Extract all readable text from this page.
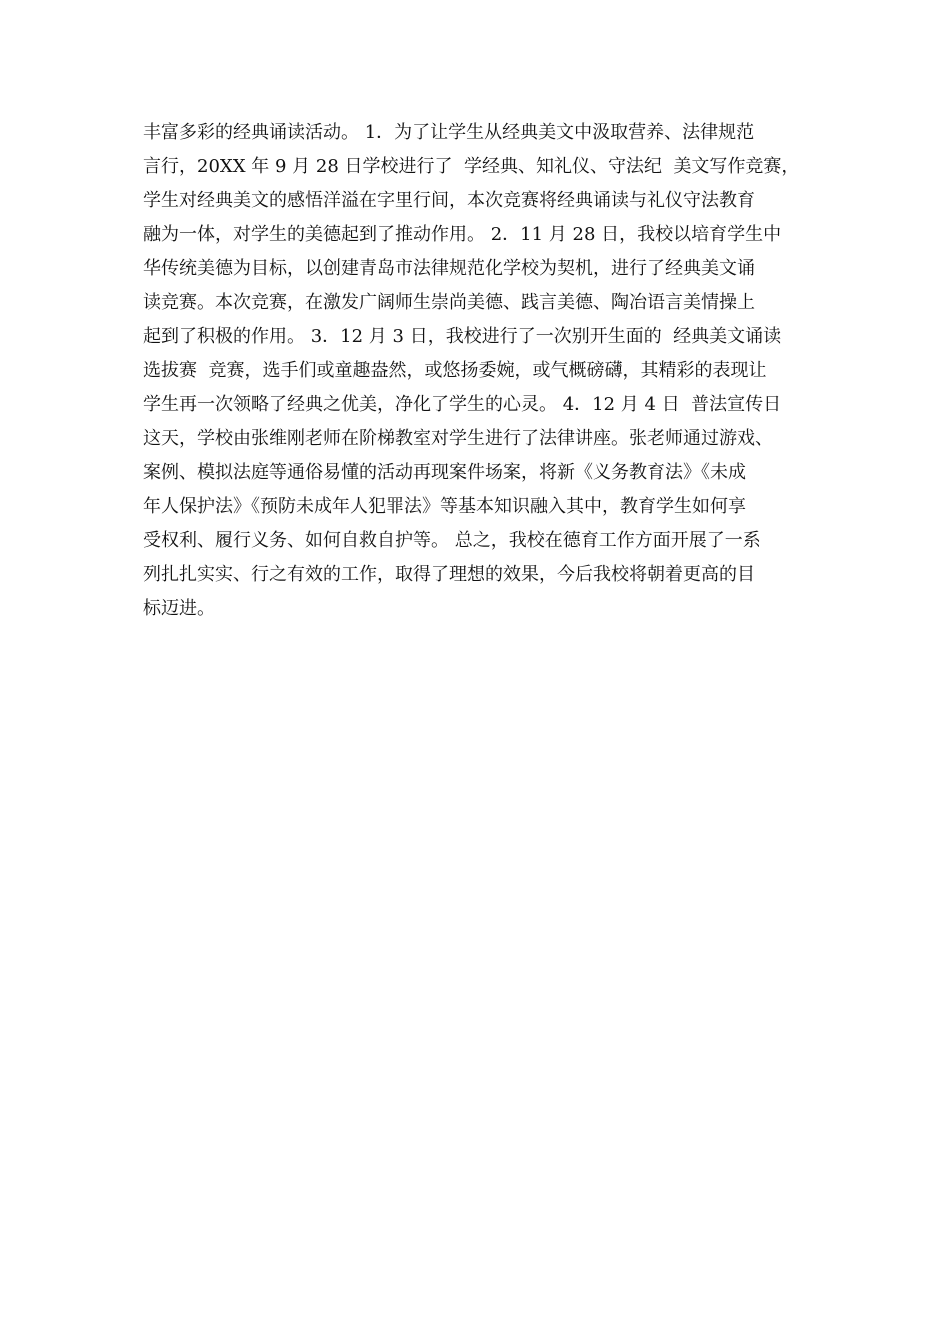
丰富多彩的经典诵读活动。 1．为了让学生从经典美文中汲取营养、法律规范
言行，20XX 年 9 月 28 日学校进行了  学经典、知礼仪、守法纪  美文写作竞赛，
学生对经典美文的感悟洋溢在字里行间，本次竞赛将经典诵读与礼仪守法教育
融为一体，对学生的美德起到了推动作用。 2．11 月 28 日，我校以培育学生中
华传统美德为目标，以创建青岛市法律规范化学校为契机，进行了经典美文诵
读竞赛。本次竞赛，在激发广阔师生崇尚美德、践言美德、陶冶语言美情操上
起到了积极的作用。 3．12 月 3 日，我校进行了一次别开生面的  经典美文诵读
选拔赛  竞赛，选手们或童趣盎然，或悠扬委婉，或气概磅礴，其精彩的表现让
学生再一次领略了经典之优美，净化了学生的心灵。 4．12 月 4 日  普法宣传日
这天，学校由张维刚老师在阶梯教室对学生进行了法律讲座。张老师通过游戏、
案例、模拟法庭等通俗易懂的活动再现案件场案，将新《义务教育法》《未成
年人保护法》《预防未成年人犯罪法》等基本知识融入其中，教育学生如何享
受权利、履行义务、如何自救自护等。 总之，我校在德育工作方面开展了一系
列扎扎实实、行之有效的工作，取得了理想的效果，今后我校将朝着更高的目
标迈进。
